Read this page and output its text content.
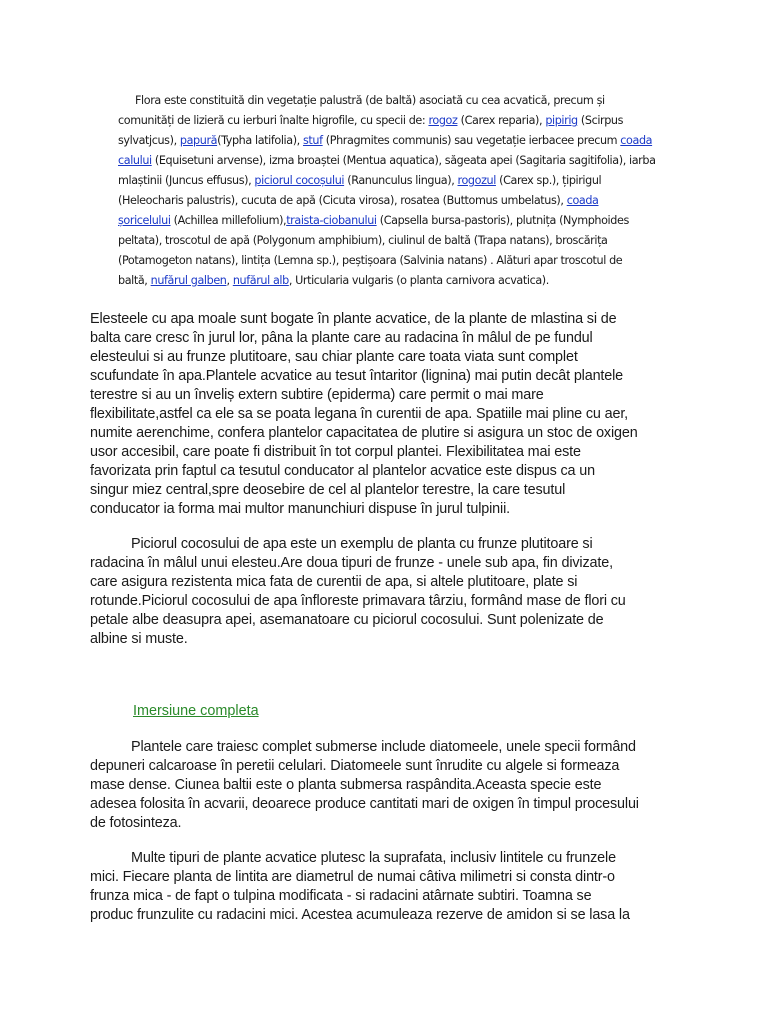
Flora este constituită din vegetație palustră (de baltă) asociată cu cea acvatică, precum și
comunități de lizieră cu ierburi înalte higrofile, cu specii de: rogoz (Carex reparia), pipirig (Scirpus
sylvatjcus), papură(Typha latifolia), stuf (Phragmites communis) sau vegetație ierbacee precum coada
calului (Equisetuni arvense), izma broaștei (Mentua aquatica), săgeata apei (Sagitaria sagitifolia), iarba
mlaștinii (Juncus effusus), piciorul cocoșului (Ranunculus lingua), rogozul (Carex sp.), țipirigul
(Heleocharis palustris), cucuta de apă (Cicuta virosa), rosatea (Buttomus umbelatus), coada
șoricelului (Achillea millefolium),traista-ciobanului (Capsella bursa-pastoris), plutnița (Nymphoides
peltata), troscotul de apă (Polygonum amphibium), ciulinul de baltă (Trapa natans), broscărița
(Potamogeton natans), lintița (Lemna sp.), peștișoara (Salvinia natans) . Alături apar troscotul de
baltă, nufărul galben, nufărul alb, Urticularia vulgaris (o planta carnivora acvatica).
Elesteele cu apa moale sunt bogate în plante acvatice, de la plante de mlastina si de
balta care cresc în jurul lor, pâna la plante care au radacina în mâlul de pe fundul
elesteului si au frunze plutitoare, sau chiar plante care toata viata sunt complet
scufundate în apa.Plantele acvatice au tesut întaritor (lignina) mai putin decât plantele
terestre si au un înveliș extern subtire (epiderma) care permit o mai mare
flexibilitate,astfel ca ele sa se poata legana în curentii de apa. Spatiile mai pline cu aer,
numite aerenchime, confera plantelor capacitatea de plutire si asigura un stoc de oxigen
usor accesibil, care poate fi distribuit în tot corpul plantei. Flexibilitatea mai este
favorizata prin faptul ca tesutul conducator al plantelor acvatice este dispus ca un
singur miez central,spre deosebire de cel al plantelor terestre, la care tesutul
conducator ia forma mai multor manunchiuri dispuse în jurul tulpinii.
Piciorul cocosului de apa este un exemplu de planta cu frunze plutitoare si
radacina în mâlul unui elesteu.Are doua tipuri de frunze - unele sub apa, fin divizate,
care asigura rezistenta mica fata de curentii de apa, si altele plutitoare, plate si
rotunde.Piciorul cocosului de apa înfloreste primavara târziu, formând mase de flori cu
petale albe deasupra apei, asemanatoare cu piciorul cocosului. Sunt polenizate de
albine si muste.
Imersiune completa
Plantele care traiesc complet submerse include diatomeele, unele specii formând
depuneri calcaroase în peretii celulari. Diatomeele sunt înrudite cu algele si formeaza
mase dense. Ciunea baltii este o planta submersa raspândita.Aceasta specie este
adesea folosita în acvarii, deoarece produce cantitati mari de oxigen în timpul procesului
de fotosinteza.
Multe tipuri de plante acvatice plutesc la suprafata, inclusiv lintitele cu frunzele
mici. Fiecare planta de lintita are diametrul de numai câtiva milimetri si consta dintr-o
frunza mica - de fapt o tulpina modificata - si radacini atârnate subtiri. Toamna se
produc frunzulite cu radacini mici. Acestea acumuleaza rezerve de amidon si se lasa la
